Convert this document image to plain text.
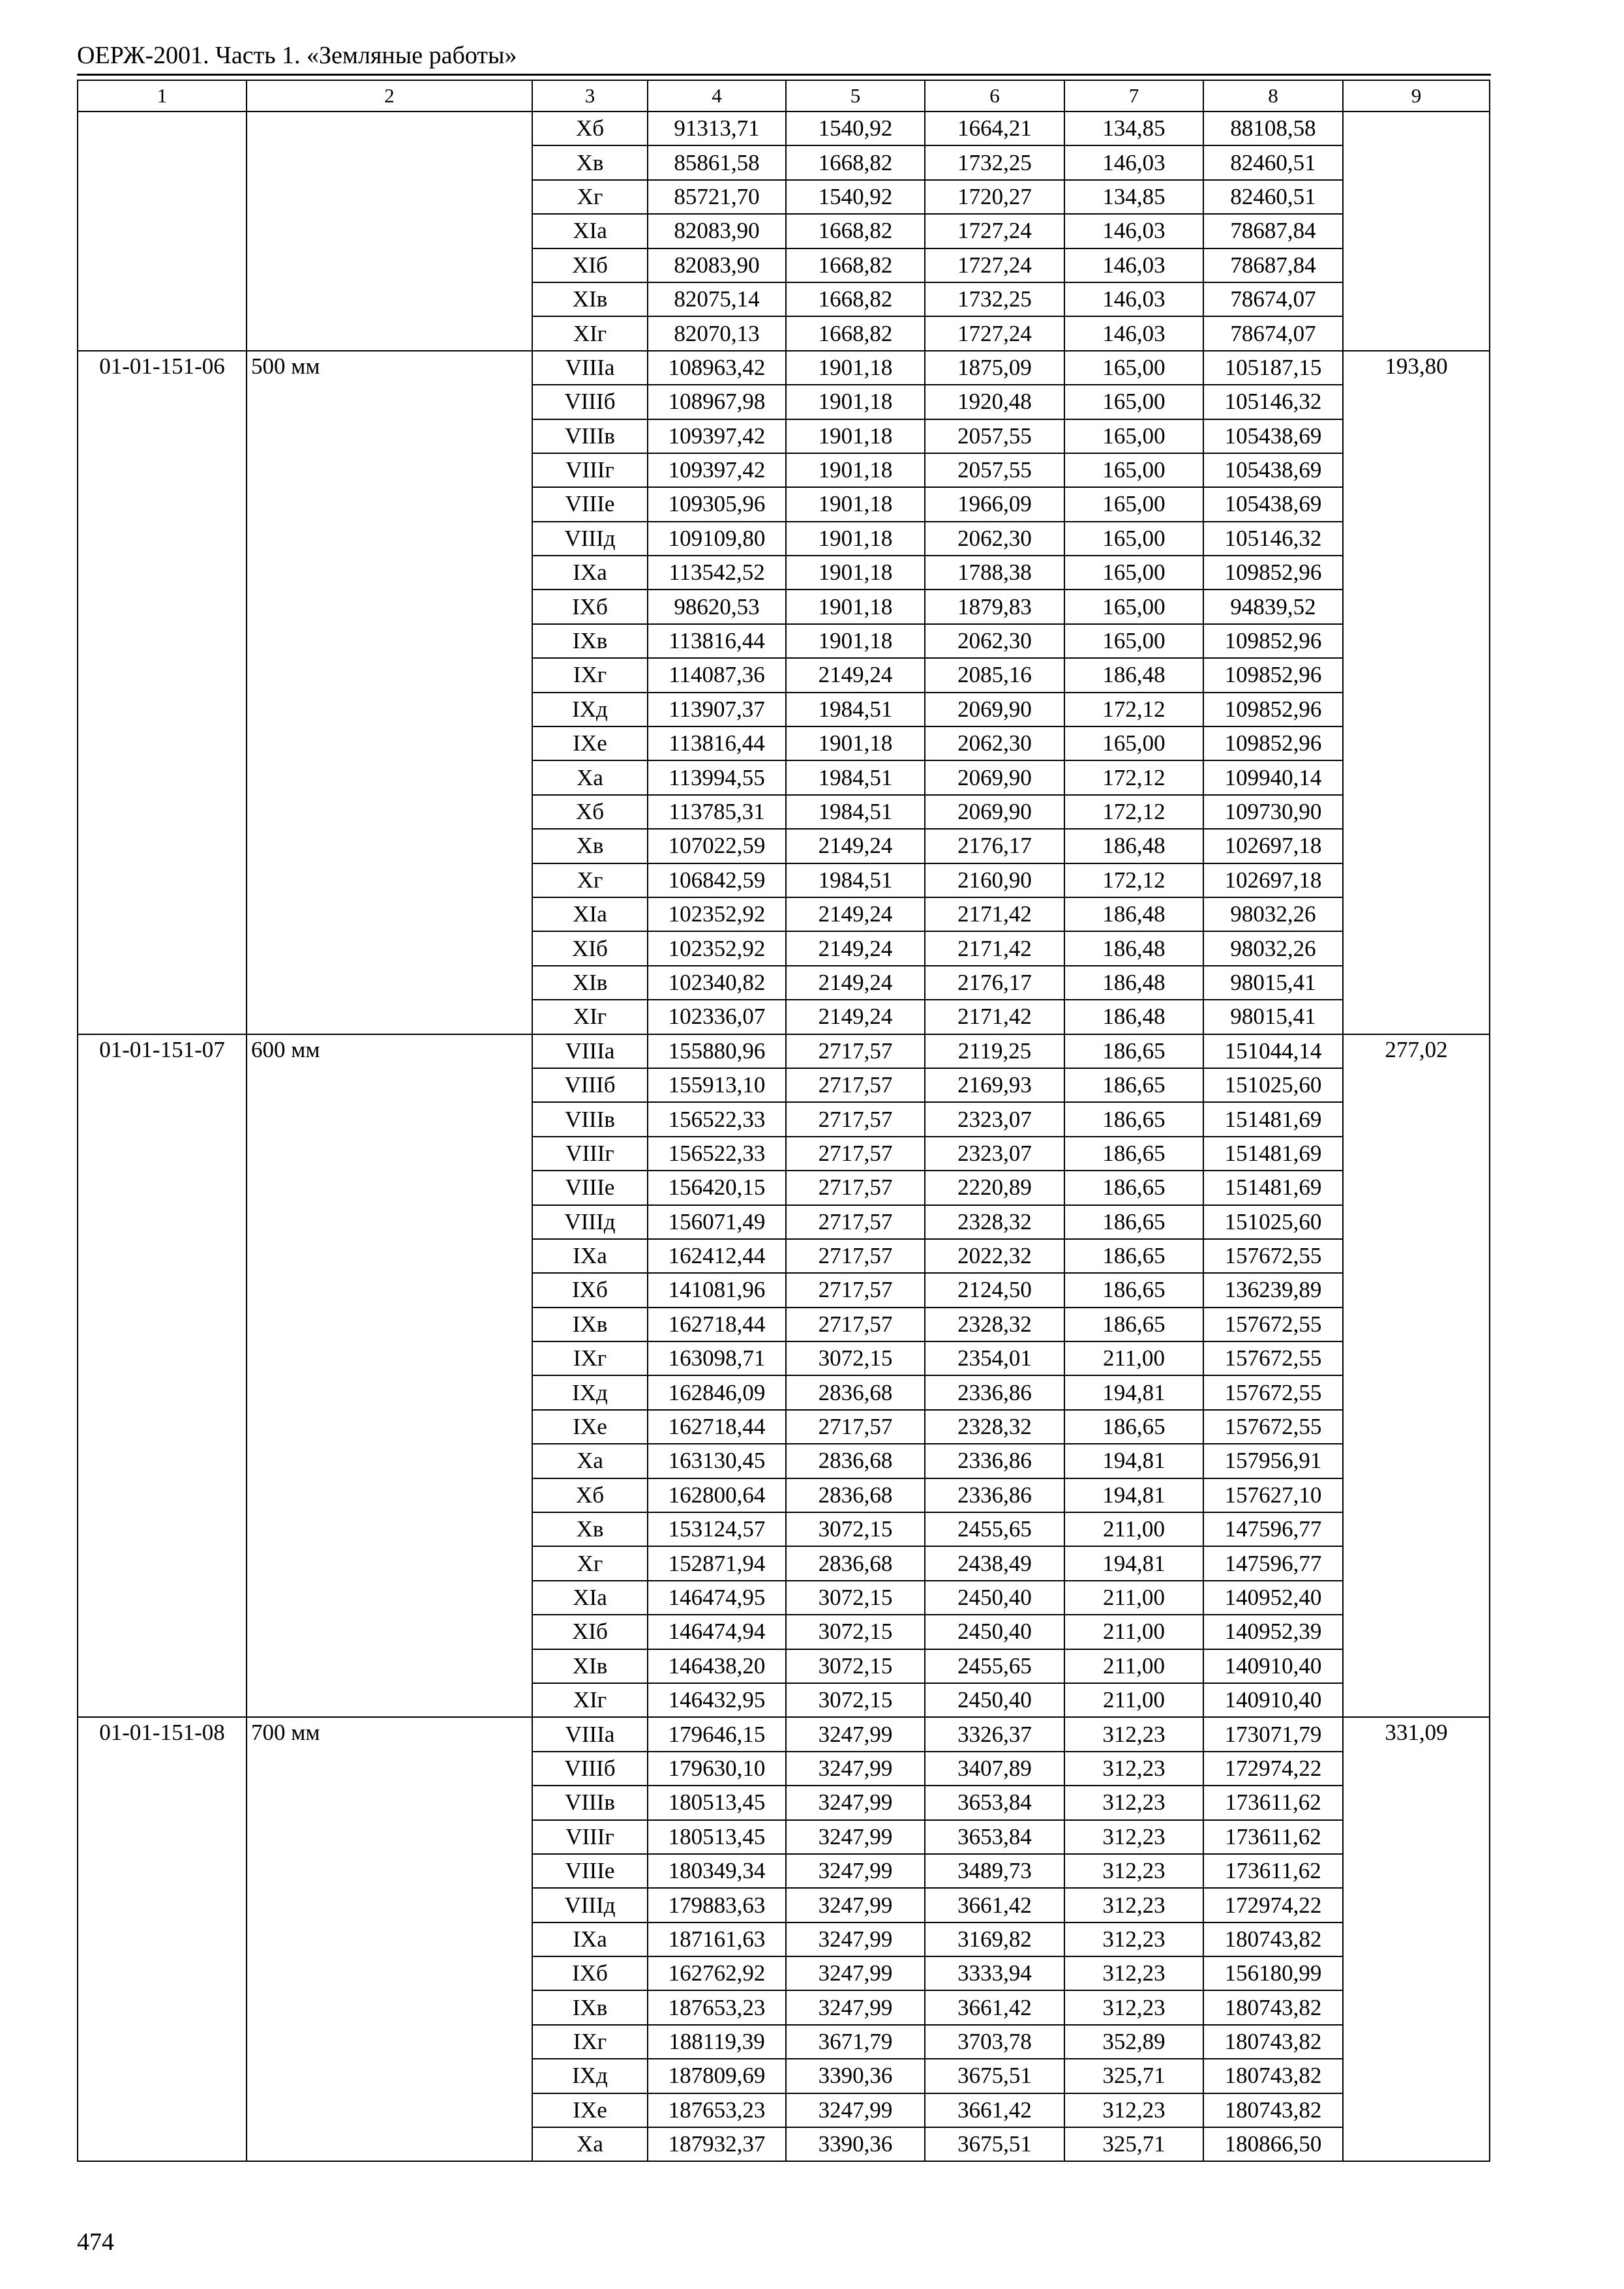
ОЕРЖ-2001. Часть 1. «Земляные работы»
1	2	3	4	5	6	7	8	9
		Хб	91313,71	1540,92	1664,21	134,85	88108,58	
		Хв	85861,58	1668,82	1732,25	146,03	82460,51	
		Хг	85721,70	1540,92	1720,27	134,85	82460,51	
		ХIа	82083,90	1668,82	1727,24	146,03	78687,84	
		ХIб	82083,90	1668,82	1727,24	146,03	78687,84	
		ХIв	82075,14	1668,82	1732,25	146,03	78674,07	
		ХIг	82070,13	1668,82	1727,24	146,03	78674,07	
01-01-151-06	500 мм	VIIIа	108963,42	1901,18	1875,09	165,00	105187,15	193,80
		VIIIб	108967,98	1901,18	1920,48	165,00	105146,32	
		VIIIв	109397,42	1901,18	2057,55	165,00	105438,69	
		VIIIг	109397,42	1901,18	2057,55	165,00	105438,69	
		VIIIе	109305,96	1901,18	1966,09	165,00	105438,69	
		VIIIд	109109,80	1901,18	2062,30	165,00	105146,32	
		IХа	113542,52	1901,18	1788,38	165,00	109852,96	
		IХб	98620,53	1901,18	1879,83	165,00	94839,52	
		IХв	113816,44	1901,18	2062,30	165,00	109852,96	
		IХг	114087,36	2149,24	2085,16	186,48	109852,96	
		IХд	113907,37	1984,51	2069,90	172,12	109852,96	
		IХе	113816,44	1901,18	2062,30	165,00	109852,96	
		Ха	113994,55	1984,51	2069,90	172,12	109940,14	
		Хб	113785,31	1984,51	2069,90	172,12	109730,90	
		Хв	107022,59	2149,24	2176,17	186,48	102697,18	
		Хг	106842,59	1984,51	2160,90	172,12	102697,18	
		ХIа	102352,92	2149,24	2171,42	186,48	98032,26	
		ХIб	102352,92	2149,24	2171,42	186,48	98032,26	
		ХIв	102340,82	2149,24	2176,17	186,48	98015,41	
		ХIг	102336,07	2149,24	2171,42	186,48	98015,41	
01-01-151-07	600 мм	VIIIа	155880,96	2717,57	2119,25	186,65	151044,14	277,02
		VIIIб	155913,10	2717,57	2169,93	186,65	151025,60	
		VIIIв	156522,33	2717,57	2323,07	186,65	151481,69	
		VIIIг	156522,33	2717,57	2323,07	186,65	151481,69	
		VIIIе	156420,15	2717,57	2220,89	186,65	151481,69	
		VIIIд	156071,49	2717,57	2328,32	186,65	151025,60	
		IХа	162412,44	2717,57	2022,32	186,65	157672,55	
		IХб	141081,96	2717,57	2124,50	186,65	136239,89	
		IХв	162718,44	2717,57	2328,32	186,65	157672,55	
		IХг	163098,71	3072,15	2354,01	211,00	157672,55	
		IХд	162846,09	2836,68	2336,86	194,81	157672,55	
		IХе	162718,44	2717,57	2328,32	186,65	157672,55	
		Ха	163130,45	2836,68	2336,86	194,81	157956,91	
		Хб	162800,64	2836,68	2336,86	194,81	157627,10	
		Хв	153124,57	3072,15	2455,65	211,00	147596,77	
		Хг	152871,94	2836,68	2438,49	194,81	147596,77	
		ХIа	146474,95	3072,15	2450,40	211,00	140952,40	
		ХIб	146474,94	3072,15	2450,40	211,00	140952,39	
		ХIв	146438,20	3072,15	2455,65	211,00	140910,40	
		ХIг	146432,95	3072,15	2450,40	211,00	140910,40	
01-01-151-08	700 мм	VIIIа	179646,15	3247,99	3326,37	312,23	173071,79	331,09
		VIIIб	179630,10	3247,99	3407,89	312,23	172974,22	
		VIIIв	180513,45	3247,99	3653,84	312,23	173611,62	
		VIIIг	180513,45	3247,99	3653,84	312,23	173611,62	
		VIIIе	180349,34	3247,99	3489,73	312,23	173611,62	
		VIIIд	179883,63	3247,99	3661,42	312,23	172974,22	
		IХа	187161,63	3247,99	3169,82	312,23	180743,82	
		IХб	162762,92	3247,99	3333,94	312,23	156180,99	
		IХв	187653,23	3247,99	3661,42	312,23	180743,82	
		IХг	188119,39	3671,79	3703,78	352,89	180743,82	
		IХд	187809,69	3390,36	3675,51	325,71	180743,82	
		IХе	187653,23	3247,99	3661,42	312,23	180743,82	
		Ха	187932,37	3390,36	3675,51	325,71	180866,50	
474
